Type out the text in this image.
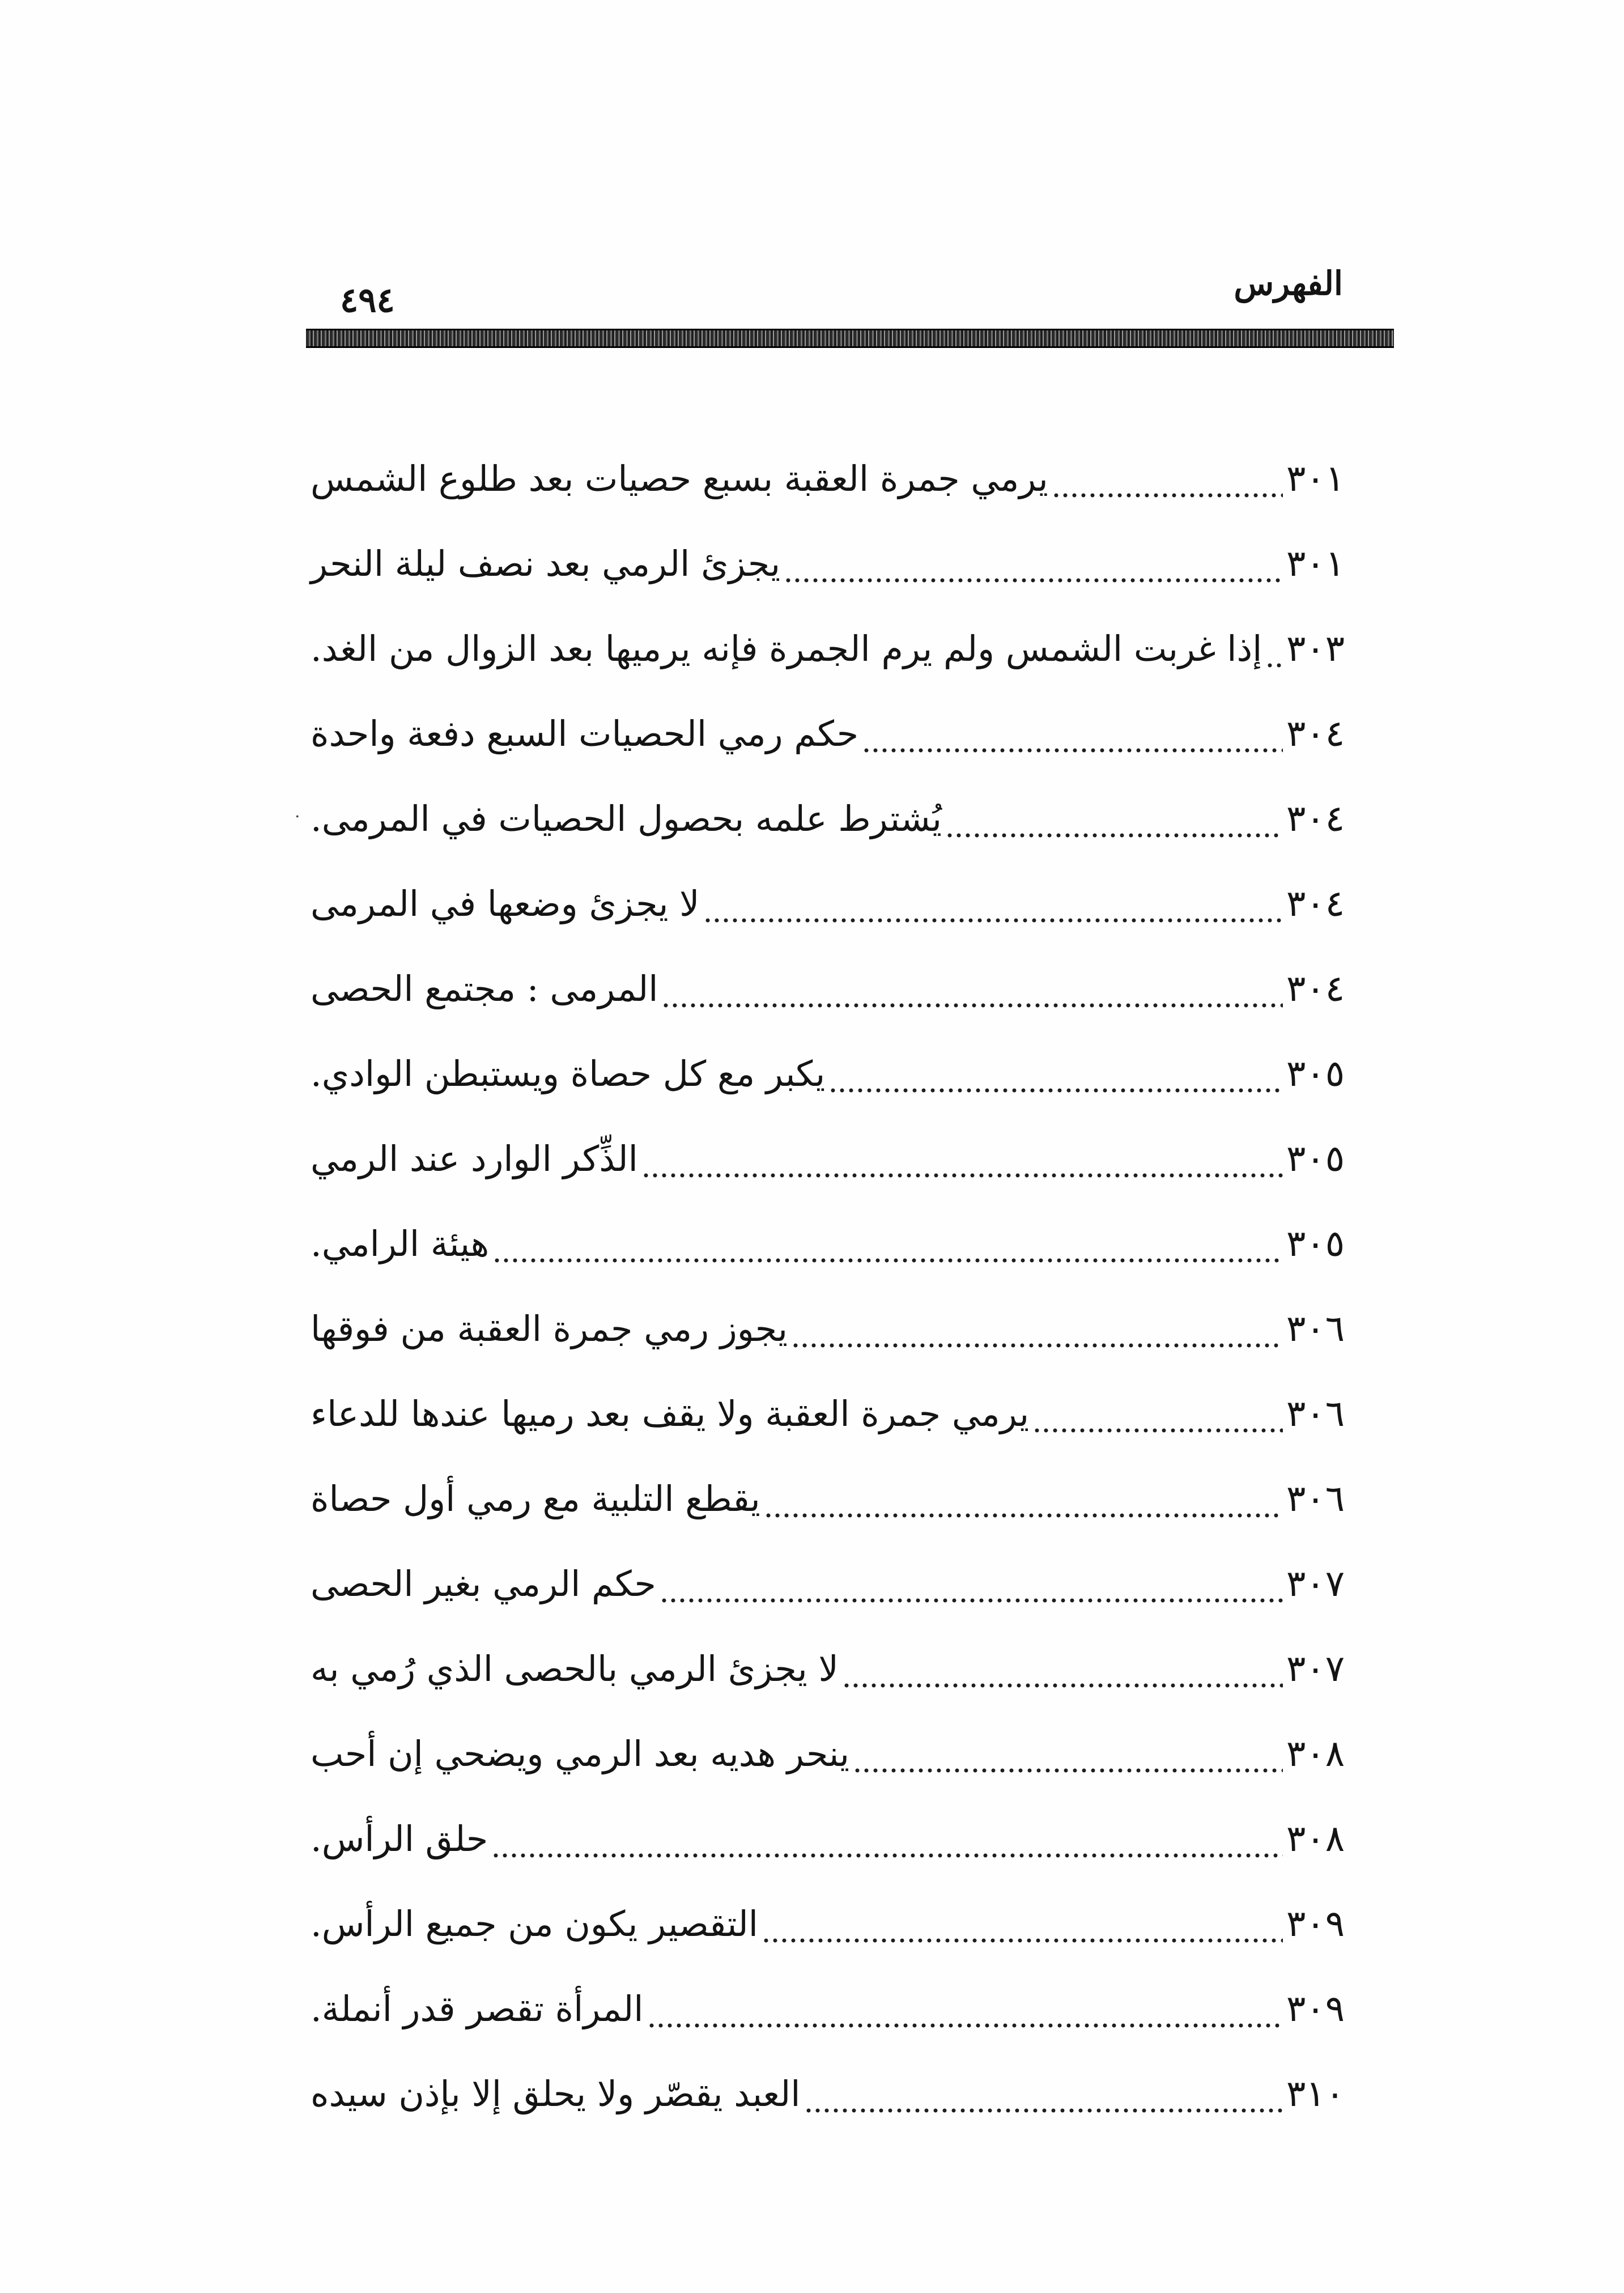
الفهرس
٤٩٤
يرمي جمرة العقبة بسبع حصيات بعد طلوع الشمس	٣٠١
يجزئ الرمي بعد نصف ليلة النحر	٣٠١
إذا غربت الشمس ولم يرم الجمرة فإنه يرميها بعد الزوال من الغد. ٣٠٣
حكم رمي الحصيات السبع دفعة واحدة	٣٠٤
يُشترط علمه بحصول الحصيات في المرمى.	٣٠٤
لا يجزئ وضعها في المرمى	٣٠٤
المرمى : مجتمع الحصى	٣٠٤
يكبر مع كل حصاة ويستبطن الوادي.	٣٠٥
الذِّكر الوارد عند الرمي	٣٠٥
هيئة الرامي.	٣٠٥
يجوز رمي جمرة العقبة من فوقها	٣٠٦
يرمي جمرة العقبة ولا يقف بعد رميها عندها للدعاء	٣٠٦
يقطع التلبية مع رمي أول حصاة	٣٠٦
حكم الرمي بغير الحصى	٣٠٧
لا يجزئ الرمي بالحصى الذي رُمي به	٣٠٧
ينحر هديه بعد الرمي ويضحي إن أحب	٣٠٨
حلق الرأس.	٣٠٨
التقصير يكون من جميع الرأس.	٣٠٩
المرأة تقصر قدر أنملة.	٣٠٩
العبد يقصّر ولا يحلق إلا بإذن سيده	٣١٠
.
